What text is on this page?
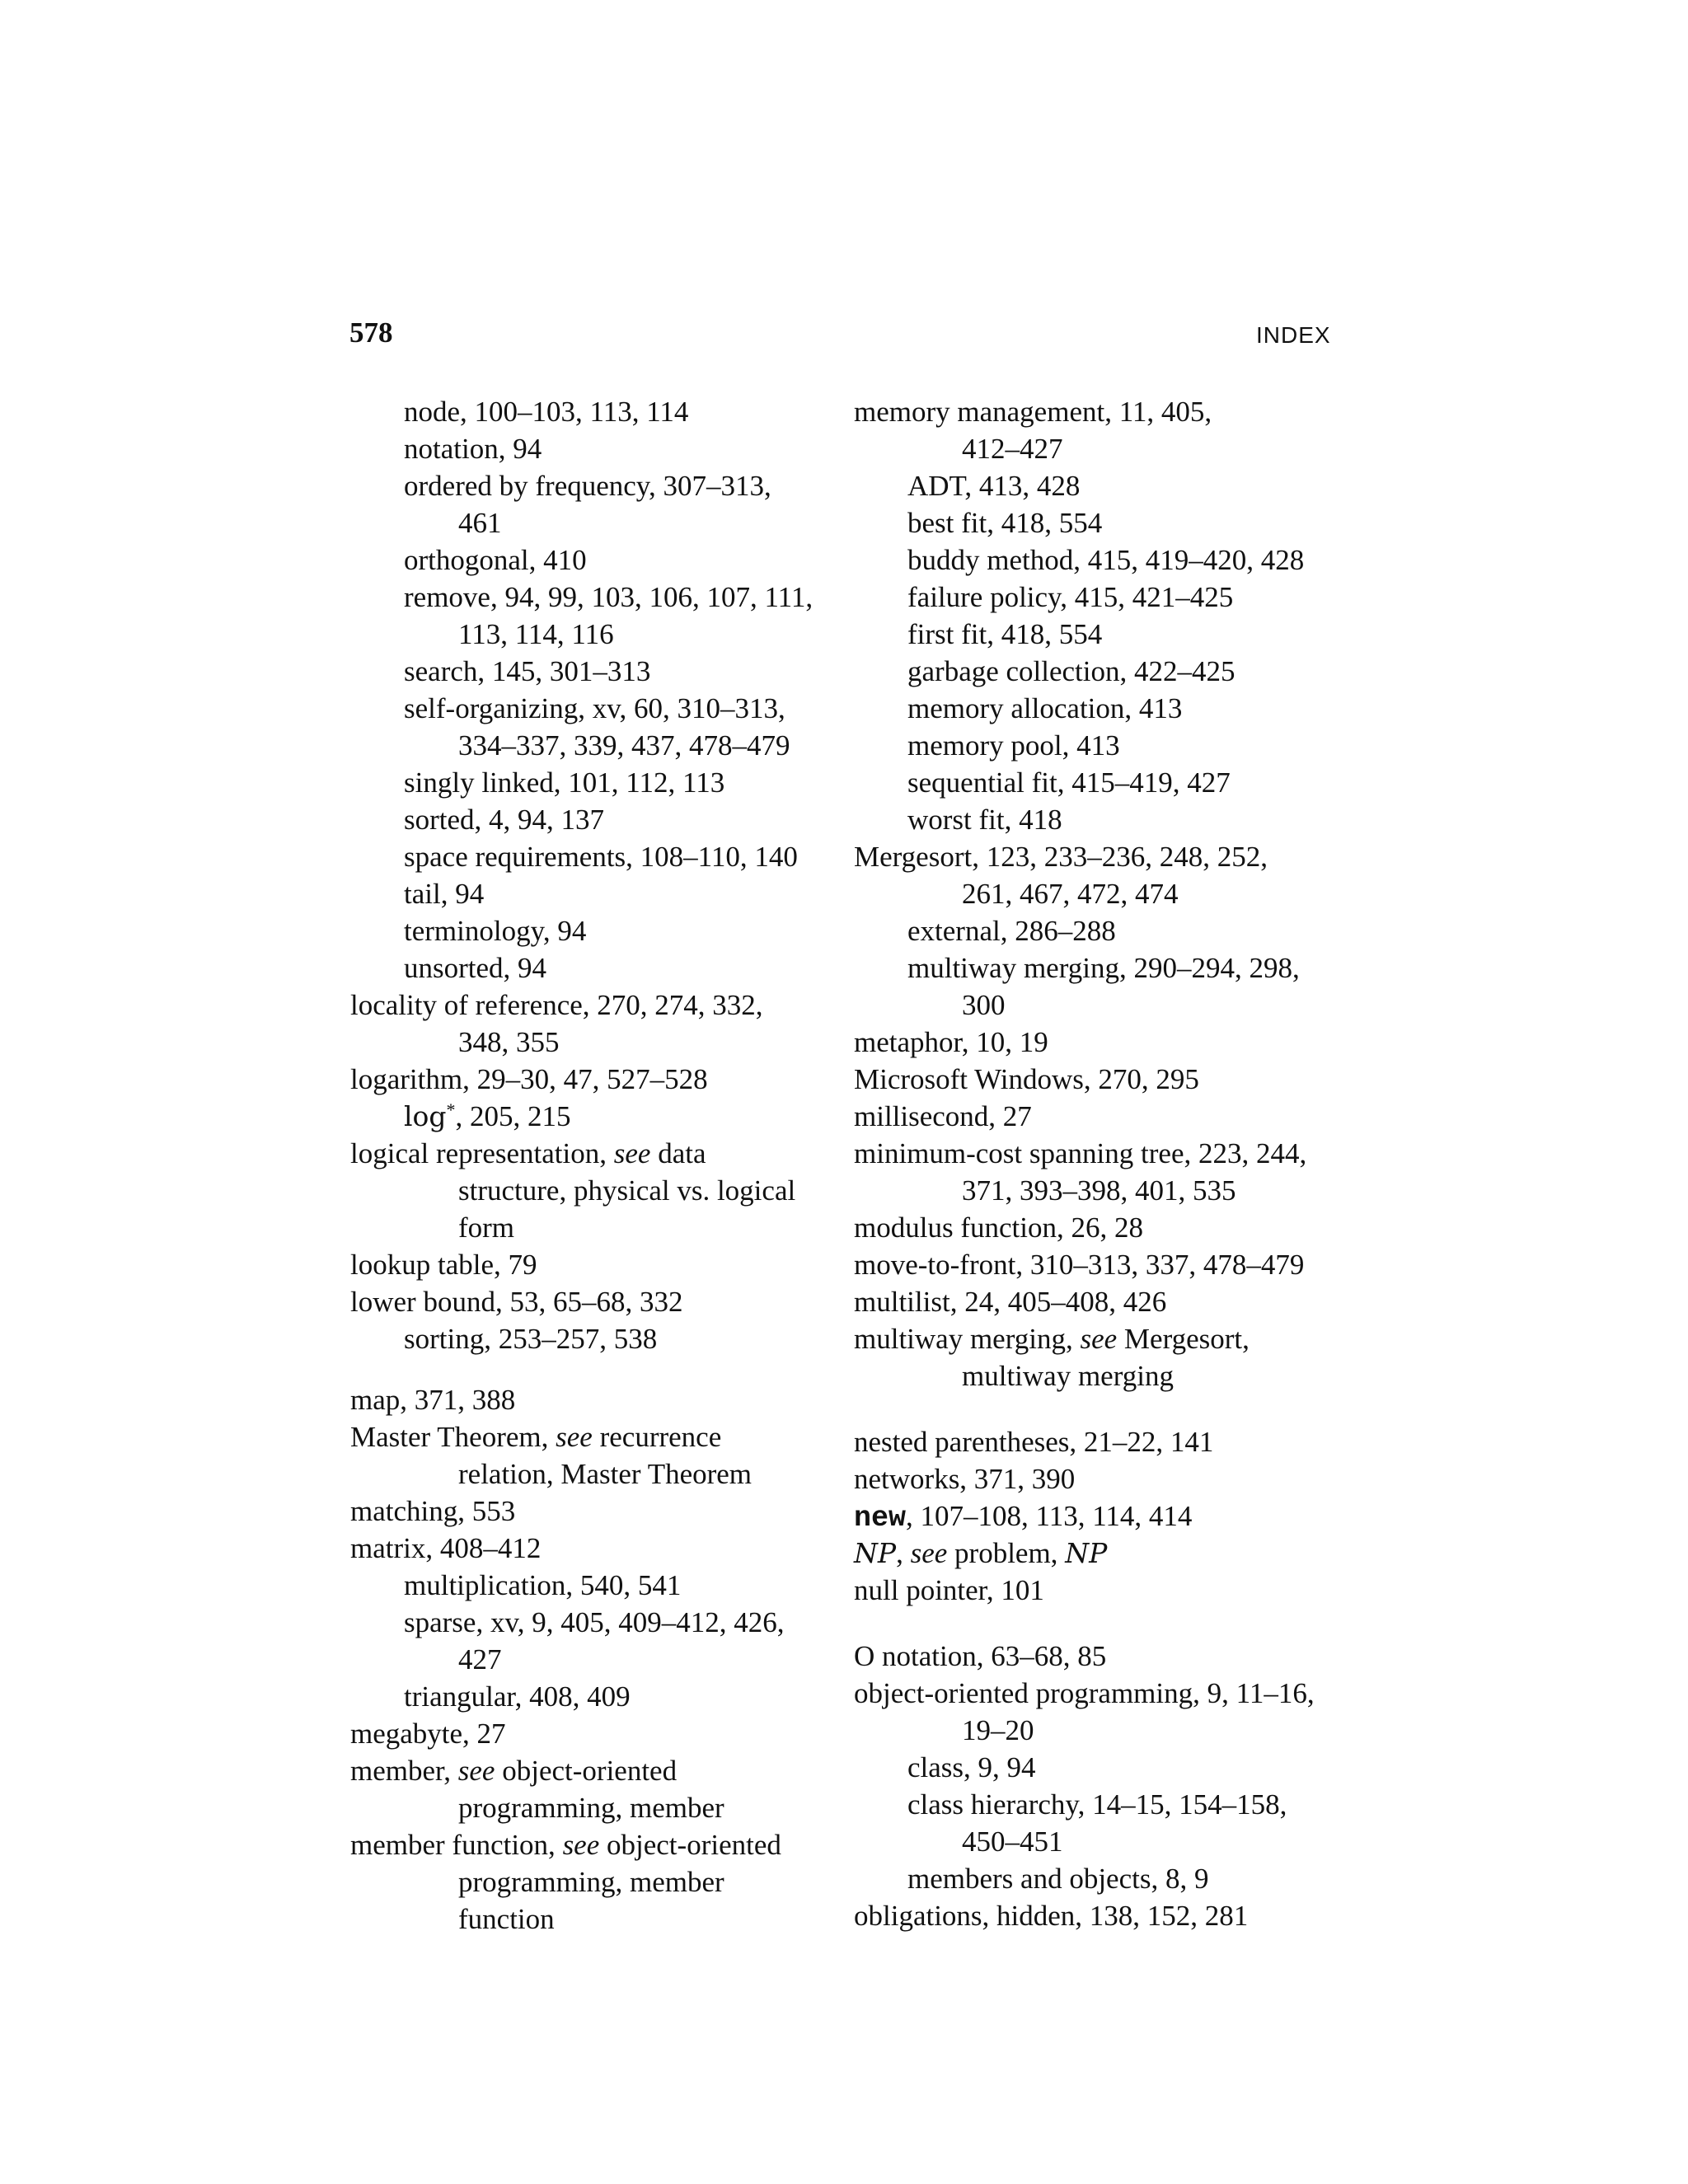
578	INDEX
node, 100–103, 113, 114
notation, 94
ordered by frequency, 307–313,
461
orthogonal, 410
remove, 94, 99, 103, 106, 107, 111,
113, 114, 116
search, 145, 301–313
self-organizing, xv, 60, 310–313,
334–337, 339, 437, 478–479
singly linked, 101, 112, 113
sorted, 4, 94, 137
space requirements, 108–110, 140
tail, 94
terminology, 94
unsorted, 94
locality of reference, 270, 274, 332,
348, 355
logarithm, 29–30, 47, 527–528
log*, 205, 215
logical representation, see data
structure, physical vs. logical
form
lookup table, 79
lower bound, 53, 65–68, 332
sorting, 253–257, 538
map, 371, 388
Master Theorem, see recurrence
relation, Master Theorem
matching, 553
matrix, 408–412
multiplication, 540, 541
sparse, xv, 9, 405, 409–412, 426,
427
triangular, 408, 409
megabyte, 27
member, see object-oriented
programming, member
member function, see object-oriented
programming, member
function
memory management, 11, 405,
412–427
ADT, 413, 428
best fit, 418, 554
buddy method, 415, 419–420, 428
failure policy, 415, 421–425
first fit, 418, 554
garbage collection, 422–425
memory allocation, 413
memory pool, 413
sequential fit, 415–419, 427
worst fit, 418
Mergesort, 123, 233–236, 248, 252,
261, 467, 472, 474
external, 286–288
multiway merging, 290–294, 298,
300
metaphor, 10, 19
Microsoft Windows, 270, 295
millisecond, 27
minimum-cost spanning tree, 223, 244,
371, 393–398, 401, 535
modulus function, 26, 28
move-to-front, 310–313, 337, 478–479
multilist, 24, 405–408, 426
multiway merging, see Mergesort,
multiway merging
nested parentheses, 21–22, 141
networks, 371, 390
new, 107–108, 113, 114, 414
NP, see problem, NP
null pointer, 101
O notation, 63–68, 85
object-oriented programming, 9, 11–16,
19–20
class, 9, 94
class hierarchy, 14–15, 154–158,
450–451
members and objects, 8, 9
obligations, hidden, 138, 152, 281
